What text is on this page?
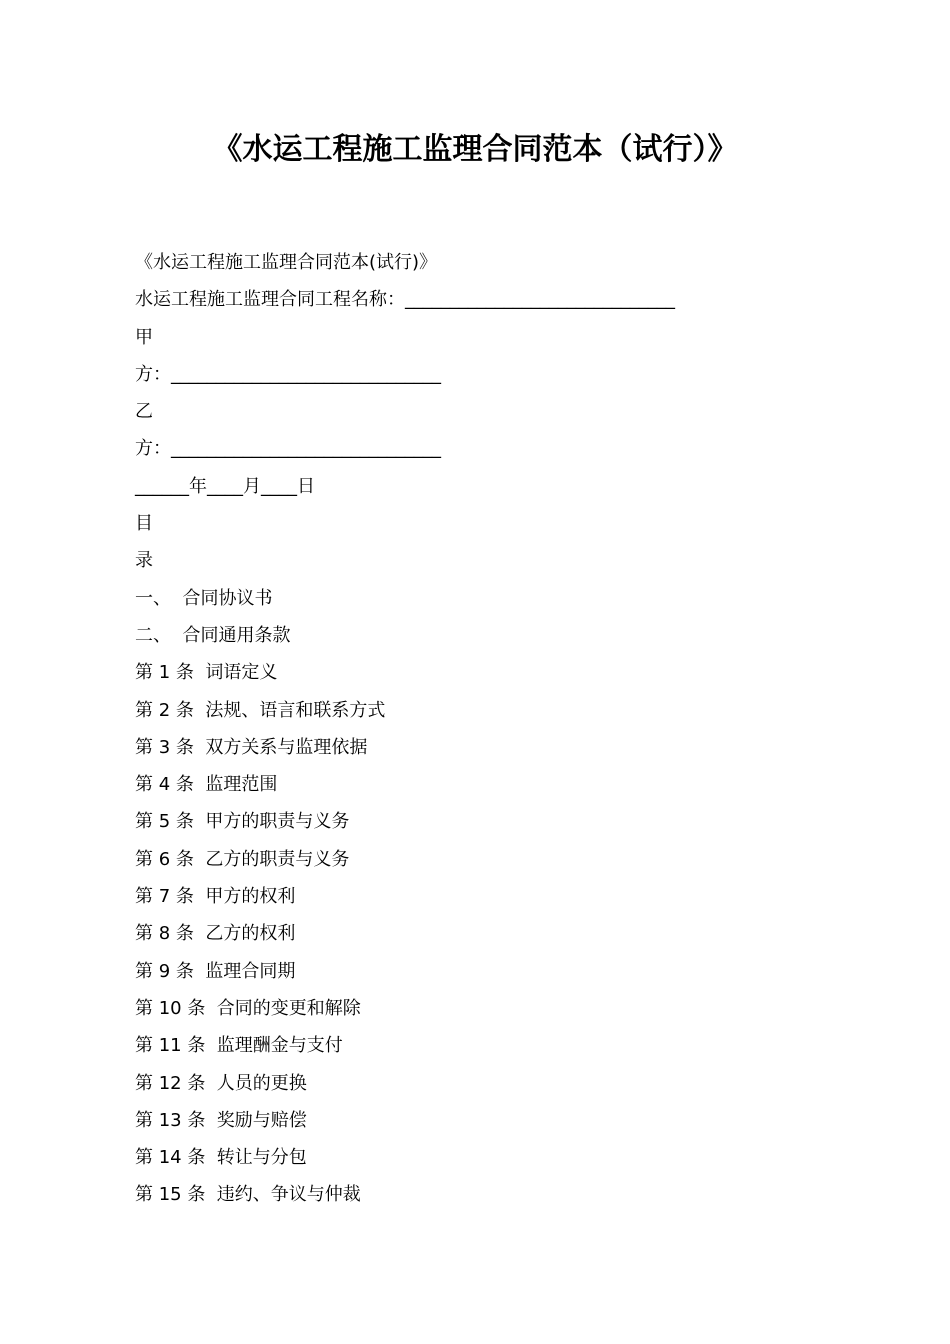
《水运工程施工监理合同范本（试行）》
《水运工程施工监理合同范本(试行)》
水运工程施工监理合同工程名称：______________________________
甲
方：______________________________
乙
方：______________________________
______年____月____日
目
录
一、  合同协议书
二、  合同通用条款
第 1 条  词语定义
第 2 条  法规、语言和联系方式
第 3 条  双方关系与监理依据
第 4 条  监理范围
第 5 条  甲方的职责与义务
第 6 条  乙方的职责与义务
第 7 条  甲方的权利
第 8 条  乙方的权利
第 9 条  监理合同期
第 10 条  合同的变更和解除
第 11 条  监理酬金与支付
第 12 条  人员的更换
第 13 条  奖励与赔偿
第 14 条  转让与分包
第 15 条  违约、争议与仲裁
